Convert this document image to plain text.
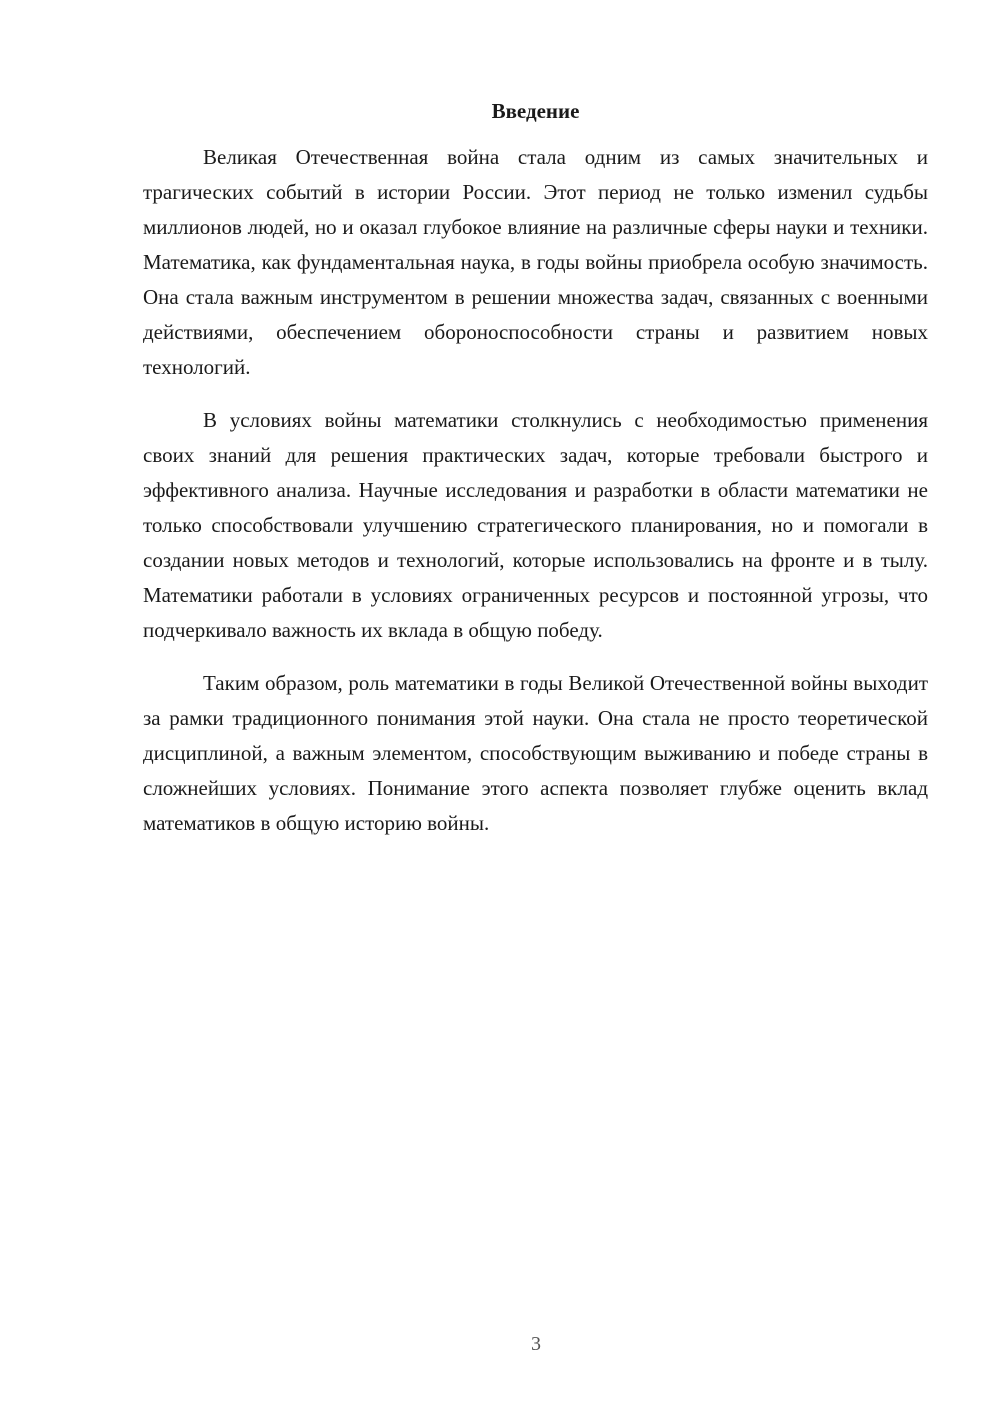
Введение

Великая Отечественная война стала одним из самых значительных и трагических событий в истории России. Этот период не только изменил судьбы миллионов людей, но и оказал глубокое влияние на различные сферы науки и техники. Математика, как фундаментальная наука, в годы войны приобрела особую значимость. Она стала важным инструментом в решении множества задач, связанных с военными действиями, обеспечением обороноспособности страны и развитием новых технологий.

В условиях войны математики столкнулись с необходимостью применения своих знаний для решения практических задач, которые требовали быстрого и эффективного анализа. Научные исследования и разработки в области математики не только способствовали улучшению стратегического планирования, но и помогали в создании новых методов и технологий, которые использовались на фронте и в тылу. Математики работали в условиях ограниченных ресурсов и постоянной угрозы, что подчеркивало важность их вклада в общую победу.

Таким образом, роль математики в годы Великой Отечественной войны выходит за рамки традиционного понимания этой науки. Она стала не просто теоретической дисциплиной, а важным элементом, способствующим выживанию и победе страны в сложнейших условиях. Понимание этого аспекта позволяет глубже оценить вклад математиков в общую историю войны.

3
